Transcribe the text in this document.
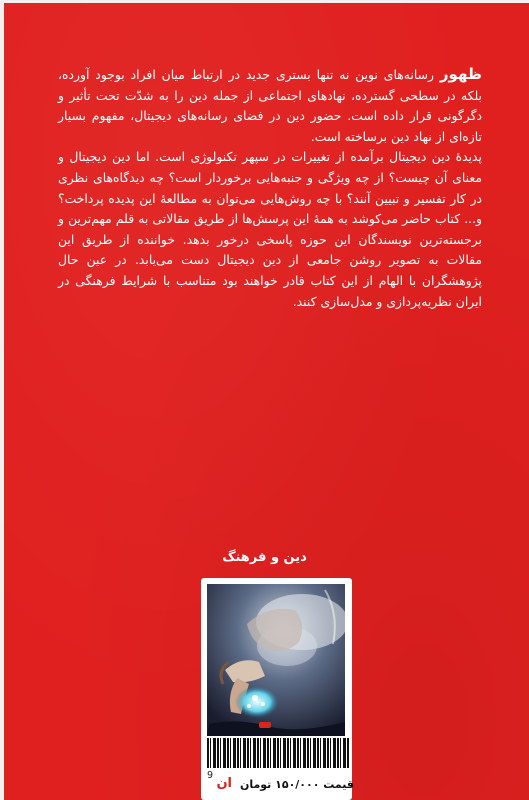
ظهور رسانه‌های نوین نه تنها بستری جدید در ارتباط میان افراد بوجود آورده، بلکه در سطحی گسترده، نهادهای اجتماعی از جمله دین را به شدّت تحت تأثیر و دگرگونی قرار داده است. حضور دین در فضای رسانه‌های دیجیتال، مفهوم بسیار تازه‌ای از نهاد دین برساخته است.

پدیدهٔ دین دیجیتال برآمده از تغییرات در سپهر تکنولوژی است. اما دین دیجیتال و معنای آن چیست؟ از چه ویژگی و جنبه‌هایی برخوردار است؟ چه دیدگاه‌های نظری در کار تفسیر و تبیین آنند؟ با چه روش‌هایی می‌توان به مطالعهٔ این پدیده پرداخت؟ و... کتاب حاضر می‌کوشد به همهٔ این پرسش‌ها از طریق مقالاتی به قلم مهم‌ترین و برجسته‌ترین نویسندگان این حوزه پاسخی درخور بدهد. خواننده از طریق این مقالات به تصویر روشن جامعی از دین دیجیتال دست می‌یابد. در عین حال پژوهشگران با الهام از این کتاب قادر خواهند بود متناسب با شرایط فرهنگی در ایران نظریه‌پردازی و مدل‌سازی کنند.

دین و فرهنگ
9
ان قیمت ۱۵۰/۰۰۰ تومان
